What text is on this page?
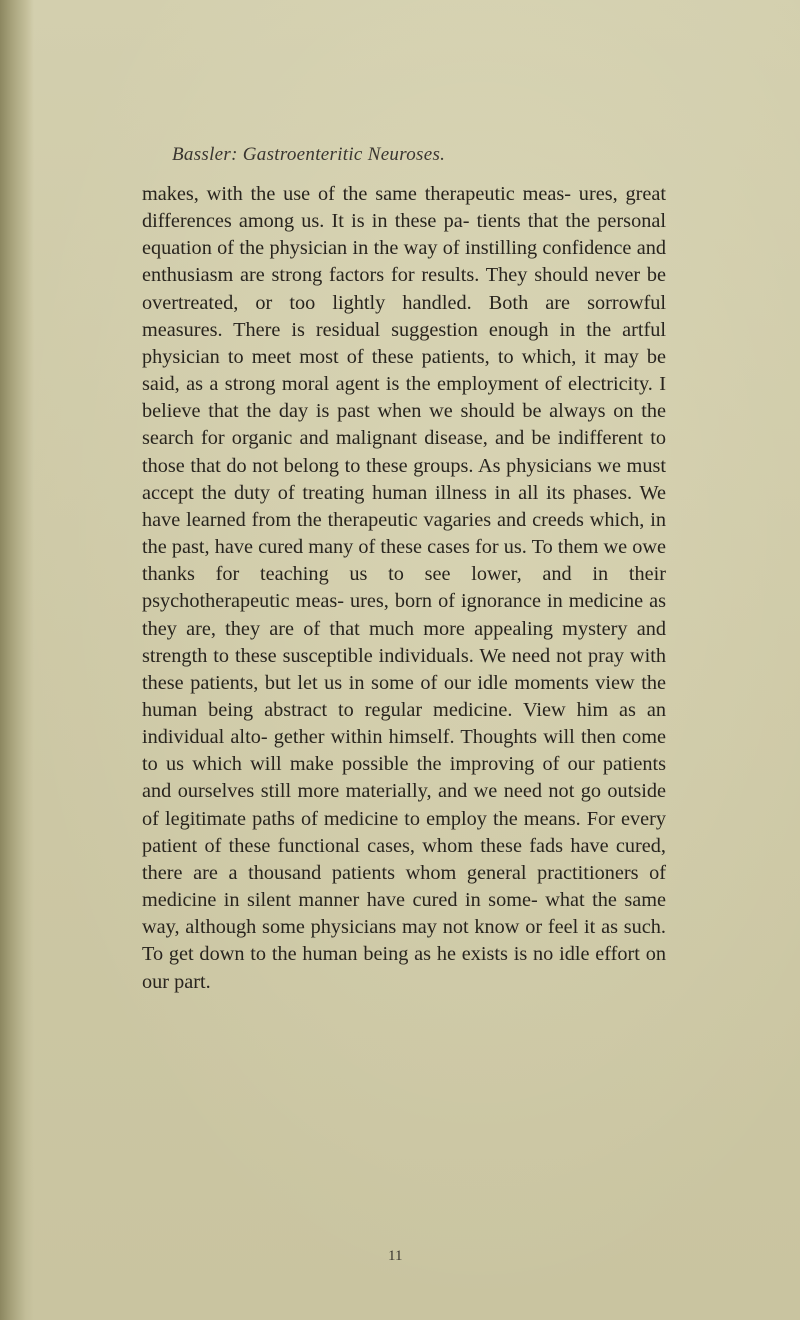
Bassler: Gastroenteritic Neuroses.

makes, with the use of the same therapeutic meas- ures, great differences among us. It is in these pa- tients that the personal equation of the physician in the way of instilling confidence and enthusiasm are strong factors for results. They should never be overtreated, or too lightly handled. Both are sorrowful measures. There is residual suggestion enough in the artful physician to meet most of these patients, to which, it may be said, as a strong moral agent is the employment of electricity. I believe that the day is past when we should be always on the search for organic and malignant disease, and be indifferent to those that do not belong to these groups. As physicians we must accept the duty of treating human illness in all its phases. We have learned from the therapeutic vagaries and creeds which, in the past, have cured many of these cases for us. To them we owe thanks for teaching us to see lower, and in their psychotherapeutic meas- ures, born of ignorance in medicine as they are, they are of that much more appealing mystery and strength to these susceptible individuals. We need not pray with these patients, but let us in some of our idle moments view the human being abstract to regular medicine. View him as an individual alto- gether within himself. Thoughts will then come to us which will make possible the improving of our patients and ourselves still more materially, and we need not go outside of legitimate paths of medicine to employ the means. For every patient of these functional cases, whom these fads have cured, there are a thousand patients whom general practitioners of medicine in silent manner have cured in some- what the same way, although some physicians may not know or feel it as such. To get down to the human being as he exists is no idle effort on our part.

11
